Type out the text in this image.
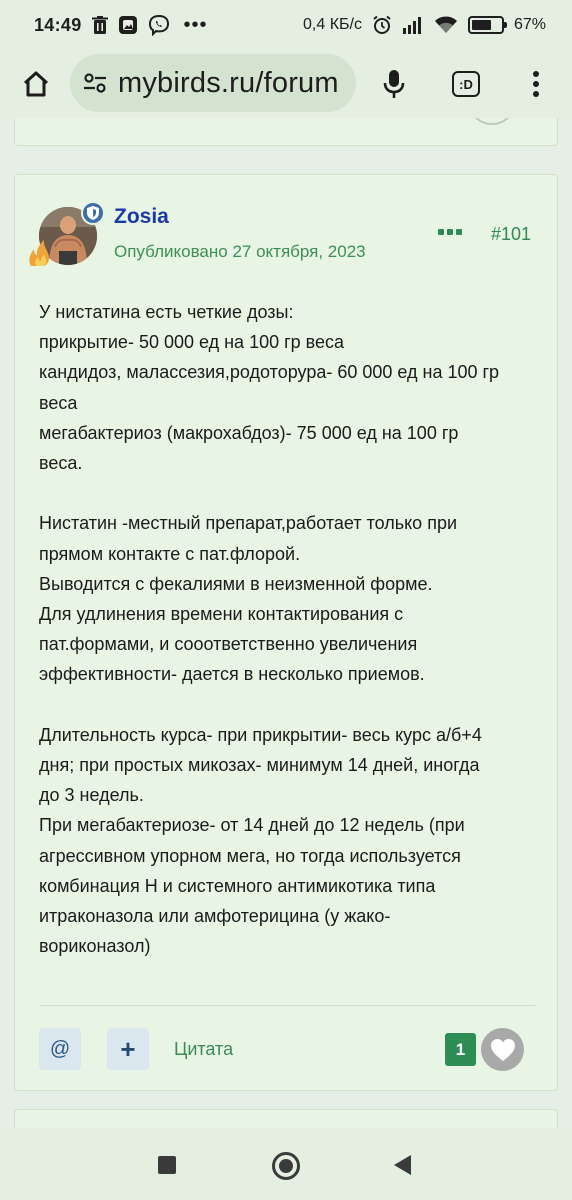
14:49	•••	0,4 КБ/с	67%
mybirds.ru/forum	:D
Zosia
Опубликовано 27 октября, 2023
#101

У нистатина есть четкие дозы:

прикрытие- 50 000 ед на 100 гр веса

кандидоз, малассезия,родоторура- 60 000 ед на 100 гр

веса

мегабактериоз (макрохабдоз)- 75 000 ед на 100 гр

веса.

Нистатин -местный препарат,работает только при

прямом контакте с пат.флорой.

Выводится с фекалиями в неизменной форме.

Для удлинения времени контактирования с

пат.формами, и сооответственно увеличения

эффективности- дается в несколько приемов.

Длительность курса- при прикрытии- весь курс а/б+4

дня; при простых микозах- минимум 14 дней, иногда

до 3 недель.

При мегабактериозе- от 14 дней до 12 недель (при

агрессивном упорном мега, но тогда используется

комбинация Н и системного антимикотика типа

итраконазола или амфотерицина (у жако-

вориконазол)

@	+	Цитата	1
